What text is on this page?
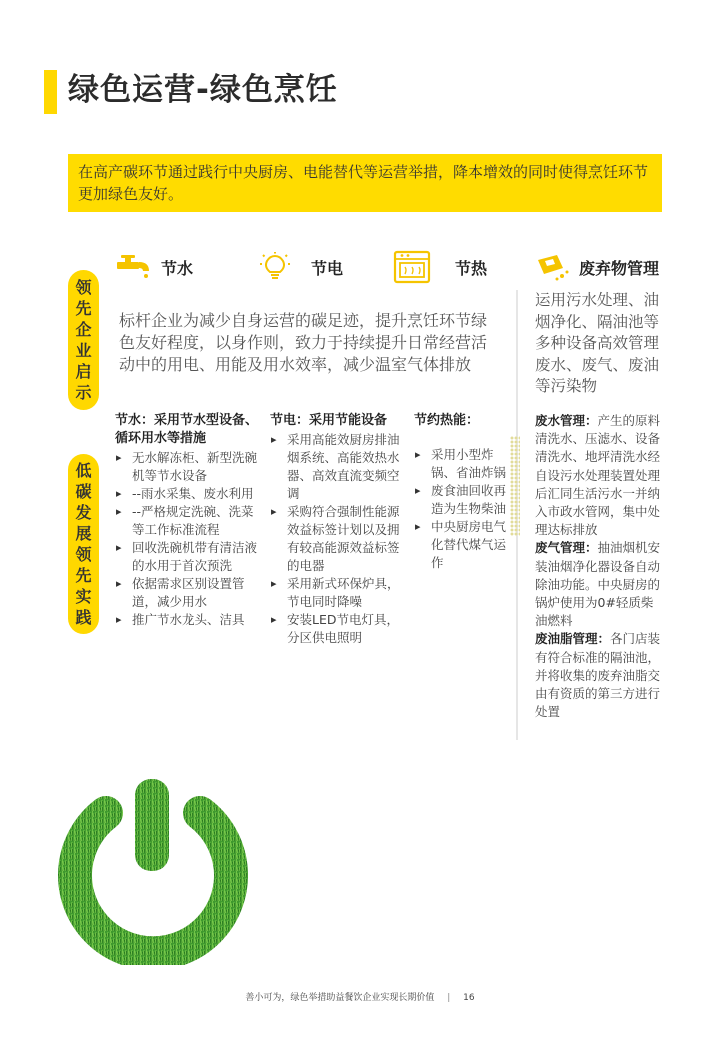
绿色运营-绿色烹饪
在高产碳环节通过践行中央厨房、电能替代等运营举措，降本增效的同时使得烹饪环节更加绿色友好。
领
先
企
业
启
示
低
碳
发
展
领
先
实
践
节水	节电	节热	废弃物管理

标杆企业为减少自身运营的碳足迹，提升烹饪环节绿色友好程度，以身作则，致力于持续提升日常经营活动中的用电、用能及用水效率，减少温室气体排放

运用污水处理、油烟净化、隔油池等多种设备高效管理废水、废气、废油等污染物

节水：采用节水型设备、循环用水等措施
▸ 无水解冻柜、新型洗碗机等节水设备
▸ --雨水采集、废水利用
▸ --严格规定洗碗、洗菜等工作标准流程
▸ 回收洗碗机带有清洁液的水用于首次预洗
▸ 依据需求区别设置管道，减少用水
▸ 推广节水龙头、洁具
节电：采用节能设备
▸ 采用高能效厨房排油烟系统、高能效热水器、高效直流变频空调
▸ 采购符合强制性能源效益标签计划以及拥有较高能源效益标签的电器
▸ 采用新式环保炉具，节电同时降噪
▸ 安装LED节电灯具，分区供电照明
节约热能：
▸ 采用小型炸锅、省油炸锅
▸ 废食油回收再造为生物柴油
▸ 中央厨房电气化替代煤气运作

废水管理：产生的原料清洗水、压滤水、设备清洗水、地坪清洗水经自设污水处理装置处理后汇同生活污水一并纳入市政水管网，集中处理达标排放

废气管理：抽油烟机安装油烟净化器设备自动除油功能。中央厨房的锅炉使用为0#轻质柴油燃料

废油脂管理：各门店装有符合标准的隔油池，并将收集的废弃油脂交由有资质的第三方进行处置

善小可为，绿色举措助益餐饮企业实现长期价值 | 16
